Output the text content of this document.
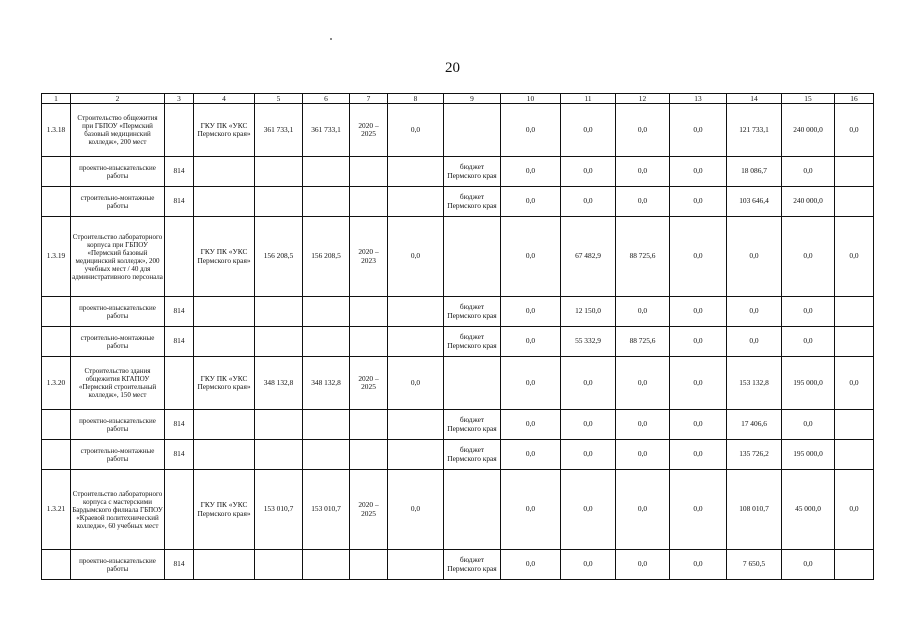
20
1	2	3	4	5	6	7	8	9	10	11	12	13	14	15	16
1.3.18	Строительство общежития при ГБПОУ «Пермский базовый медицинский колледж», 200 мест		ГКУ ПК «УКС Пермского края»	361 733,1	361 733,1	2020 – 2025	0,0		0,0	0,0	0,0	0,0	121 733,1	240 000,0	0,0
	проектно-изыскательские работы	814						бюджет Пермского края	0,0	0,0	0,0	0,0	18 086,7	0,0	
	строительно-монтажные работы	814						бюджет Пермского края	0,0	0,0	0,0	0,0	103 646,4	240 000,0	
1.3.19	Строительство лабораторного корпуса при ГБПОУ «Пермский базовый медицинский колледж», 200 учебных мест / 40 для административного персонала		ГКУ ПК «УКС Пермского края»	156 208,5	156 208,5	2020 – 2023	0,0		0,0	67 482,9	88 725,6	0,0	0,0	0,0	0,0
	проектно-изыскательские работы	814						бюджет Пермского края	0,0	12 150,0	0,0	0,0	0,0	0,0	
	строительно-монтажные работы	814						бюджет Пермского края	0,0	55 332,9	88 725,6	0,0	0,0	0,0	
1.3.20	Строительство здания общежития КГАПОУ «Пермский строительный колледж», 150 мест		ГКУ ПК «УКС Пермского края»	348 132,8	348 132,8	2020 – 2025	0,0		0,0	0,0	0,0	0,0	153 132,8	195 000,0	0,0
	проектно-изыскательские работы	814						бюджет Пермского края	0,0	0,0	0,0	0,0	17 406,6	0,0	
	строительно-монтажные работы	814						бюджет Пермского края	0,0	0,0	0,0	0,0	135 726,2	195 000,0	
1.3.21	Строительство лабораторного корпуса с мастерскими Бардымского филиала ГБПОУ «Краевой политехнический колледж», 60 учебных мест		ГКУ ПК «УКС Пермского края»	153 010,7	153 010,7	2020 – 2025	0,0		0,0	0,0	0,0	0,0	108 010,7	45 000,0	0,0
	проектно-изыскательские работы	814						бюджет Пермского края	0,0	0,0	0,0	0,0	7 650,5	0,0	
